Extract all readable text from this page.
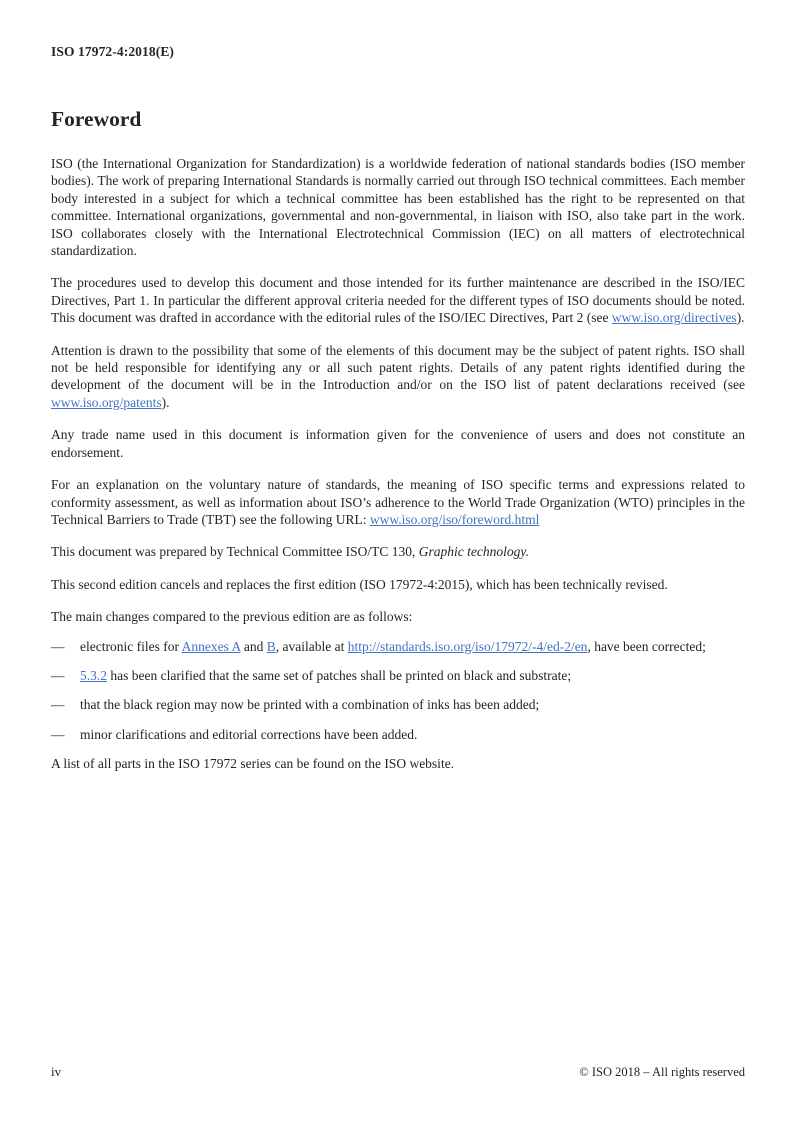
ISO 17972-4:2018(E)
Foreword

ISO (the International Organization for Standardization) is a worldwide federation of national standards bodies (ISO member bodies). The work of preparing International Standards is normally carried out through ISO technical committees. Each member body interested in a subject for which a technical committee has been established has the right to be represented on that committee. International organizations, governmental and non-governmental, in liaison with ISO, also take part in the work. ISO collaborates closely with the International Electrotechnical Commission (IEC) on all matters of electrotechnical standardization.

The procedures used to develop this document and those intended for its further maintenance are described in the ISO/IEC Directives, Part 1. In particular the different approval criteria needed for the different types of ISO documents should be noted. This document was drafted in accordance with the editorial rules of the ISO/IEC Directives, Part 2 (see www.iso.org/directives).

Attention is drawn to the possibility that some of the elements of this document may be the subject of patent rights. ISO shall not be held responsible for identifying any or all such patent rights. Details of any patent rights identified during the development of the document will be in the Introduction and/or on the ISO list of patent declarations received (see www.iso.org/patents).

Any trade name used in this document is information given for the convenience of users and does not constitute an endorsement.

For an explanation on the voluntary nature of standards, the meaning of ISO specific terms and expressions related to conformity assessment, as well as information about ISO’s adherence to the World Trade Organization (WTO) principles in the Technical Barriers to Trade (TBT) see the following URL: www.iso.org/iso/foreword.html

This document was prepared by Technical Committee ISO/TC 130, Graphic technology.

This second edition cancels and replaces the first edition (ISO 17972-4:2015), which has been technically revised.

The main changes compared to the previous edition are as follows:

—	electronic files for Annexes A and B, available at http://standards.iso.org/iso/17972/-4/ed-2/en, have been corrected;
—	5.3.2 has been clarified that the same set of patches shall be printed on black and substrate;
—	that the black region may now be printed with a combination of inks has been added;
—	minor clarifications and editorial corrections have been added.

A list of all parts in the ISO 17972 series can be found on the ISO website.

iv	© ISO 2018 – All rights reserved
